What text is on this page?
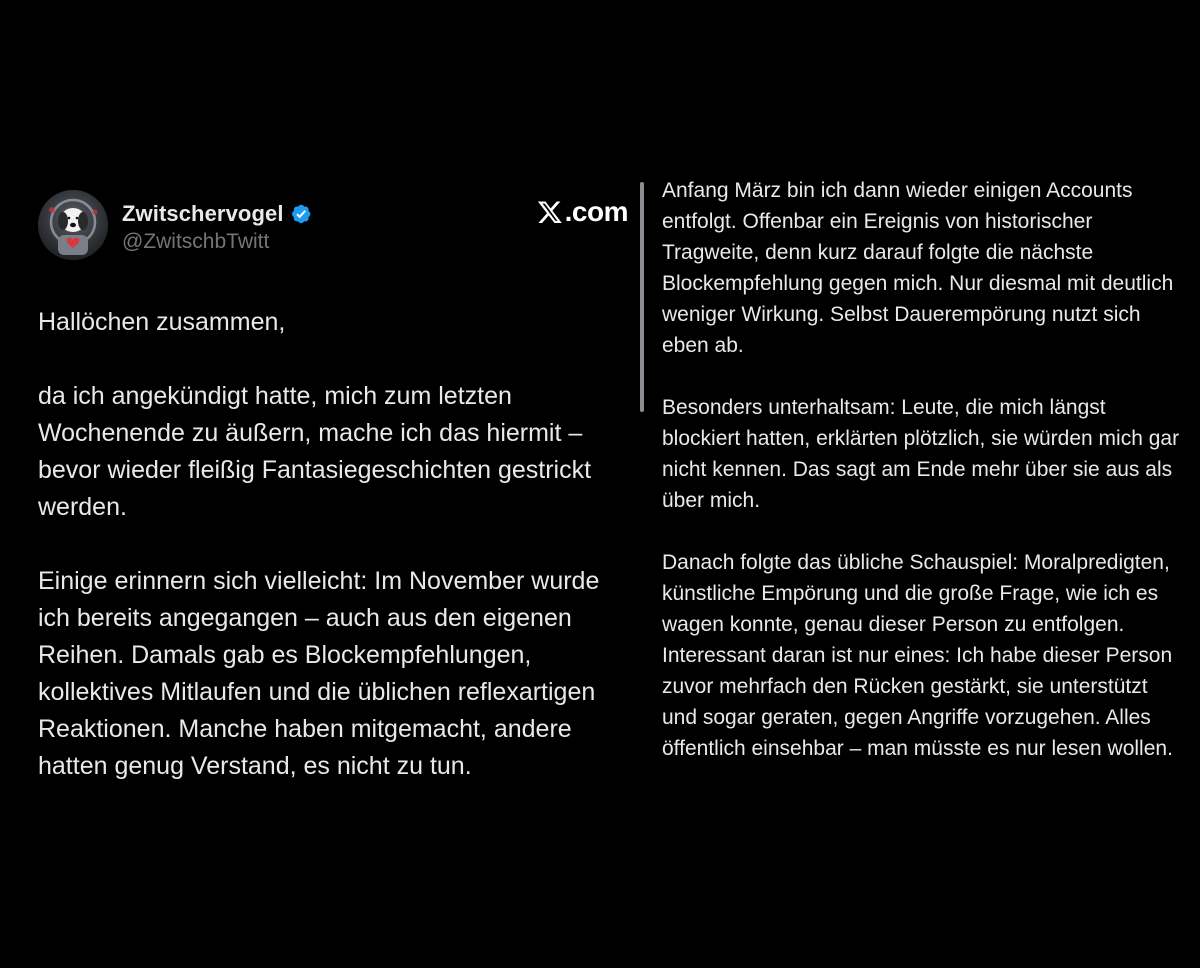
Zwitschervogel
@ZwitschbTwitt
.com

Hallöchen zusammen,

da ich angekündigt hatte, mich zum letzten Wochenende zu äußern, mache ich das hiermit – bevor wieder fleißig Fantasiegeschichten gestrickt werden.

Einige erinnern sich vielleicht: Im November wurde ich bereits angegangen – auch aus den eigenen Reihen. Damals gab es Blockempfehlungen, kollektives Mitlaufen und die üblichen reflexartigen Reaktionen. Manche haben mitgemacht, andere hatten genug Verstand, es nicht zu tun.

Anfang März bin ich dann wieder einigen Accounts entfolgt. Offenbar ein Ereignis von historischer Tragweite, denn kurz darauf folgte die nächste Blockempfehlung gegen mich. Nur diesmal mit deutlich weniger Wirkung. Selbst Dauerempörung nutzt sich eben ab.

Besonders unterhaltsam: Leute, die mich längst blockiert hatten, erklärten plötzlich, sie würden mich gar nicht kennen. Das sagt am Ende mehr über sie aus als über mich.

Danach folgte das übliche Schauspiel: Moralpredigten, künstliche Empörung und die große Frage, wie ich es wagen konnte, genau dieser Person zu entfolgen. Interessant daran ist nur eines: Ich habe dieser Person zuvor mehrfach den Rücken gestärkt, sie unterstützt und sogar geraten, gegen Angriffe vorzugehen. Alles öffentlich einsehbar – man müsste es nur lesen wollen.
